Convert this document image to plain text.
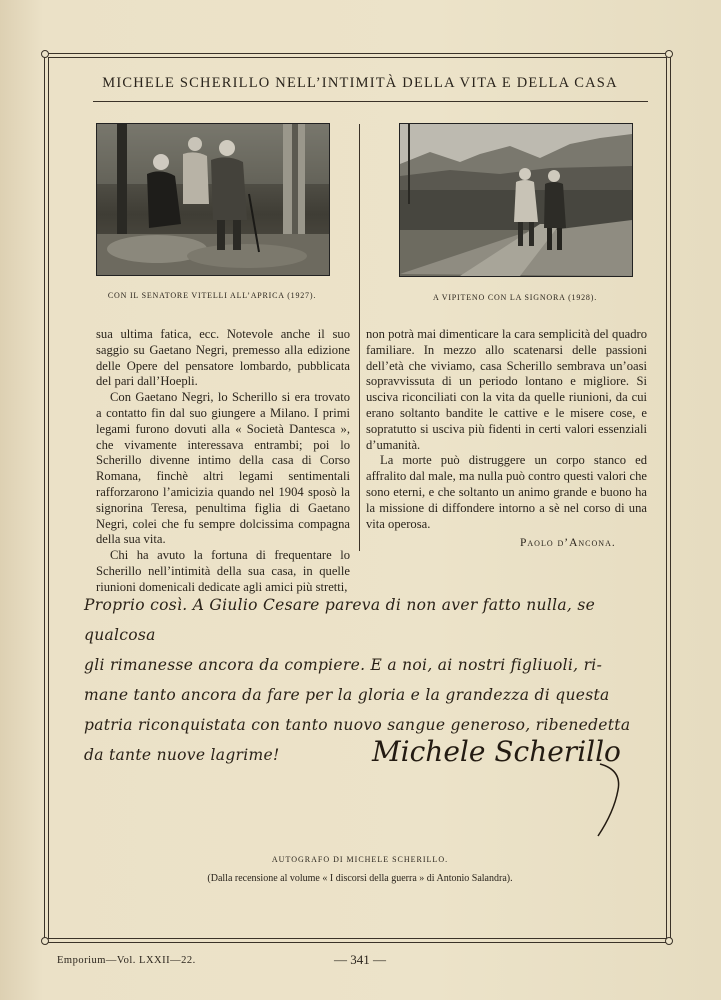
MICHELE SCHERILLO NELL’INTIMITÀ DELLA VITA E DELLA CASA
CON IL SENATORE VITELLI ALL’APRICA (1927).	A VIPITENO CON LA SIGNORA (1928).

sua ultima fatica, ecc. Notevole anche il suo saggio su Gaetano Negri, premesso alla edizione delle Opere del pensatore lombardo, pubblicata del pari dall’Hoepli.

Con Gaetano Negri, lo Scherillo si era trovato a contatto fin dal suo giungere a Milano. I primi legami furono dovuti alla « Società Dantesca », che vivamente interessava entrambi; poi lo Scherillo divenne intimo della casa di Corso Romana, finchè altri legami sentimentali rafforzarono l’amicizia quando nel 1904 sposò la signorina Teresa, penultima figlia di Gaetano Negri, colei che fu sempre dolcissima compagna della sua vita.

Chi ha avuto la fortuna di frequentare lo Scherillo nell’intimità della sua casa, in quelle riunioni domenicali dedicate agli amici più stretti,

non potrà mai dimenticare la cara semplicità del quadro familiare. In mezzo allo scatenarsi delle passioni dell’età che viviamo, casa Scherillo sembrava un’oasi sopravvissuta di un periodo lontano e migliore. Si usciva riconciliati con la vita da quelle riunioni, da cui erano soltanto bandite le cattive e le misere cose, e sopratutto si usciva più fidenti in certi valori essenziali d’umanità.

La morte può distruggere un corpo stanco ed affralito dal male, ma nulla può contro questi valori che sono eterni, e che soltanto un animo grande e buono ha la missione di diffondere intorno a sè nel corso di una vita operosa.

Paolo d’Ancona.
Proprio così. A Giulio Cesare pareva di non aver fatto nulla, se qualcosa
gli rimanesse ancora da compiere. E a noi, ai nostri figliuoli, ri-
mane tanto ancora da fare per la gloria e la grandezza di questa
patria riconquistata con tanto nuovo sangue generoso, ribenedetta
da tante nuove lagrime!	Michele Scherillo
AUTOGRAFO DI MICHELE SCHERILLO.
(Dalla recensione al volume « I discorsi della guerra » di Antonio Salandra).
Emporium—Vol. LXXII—22.	— 341 —
